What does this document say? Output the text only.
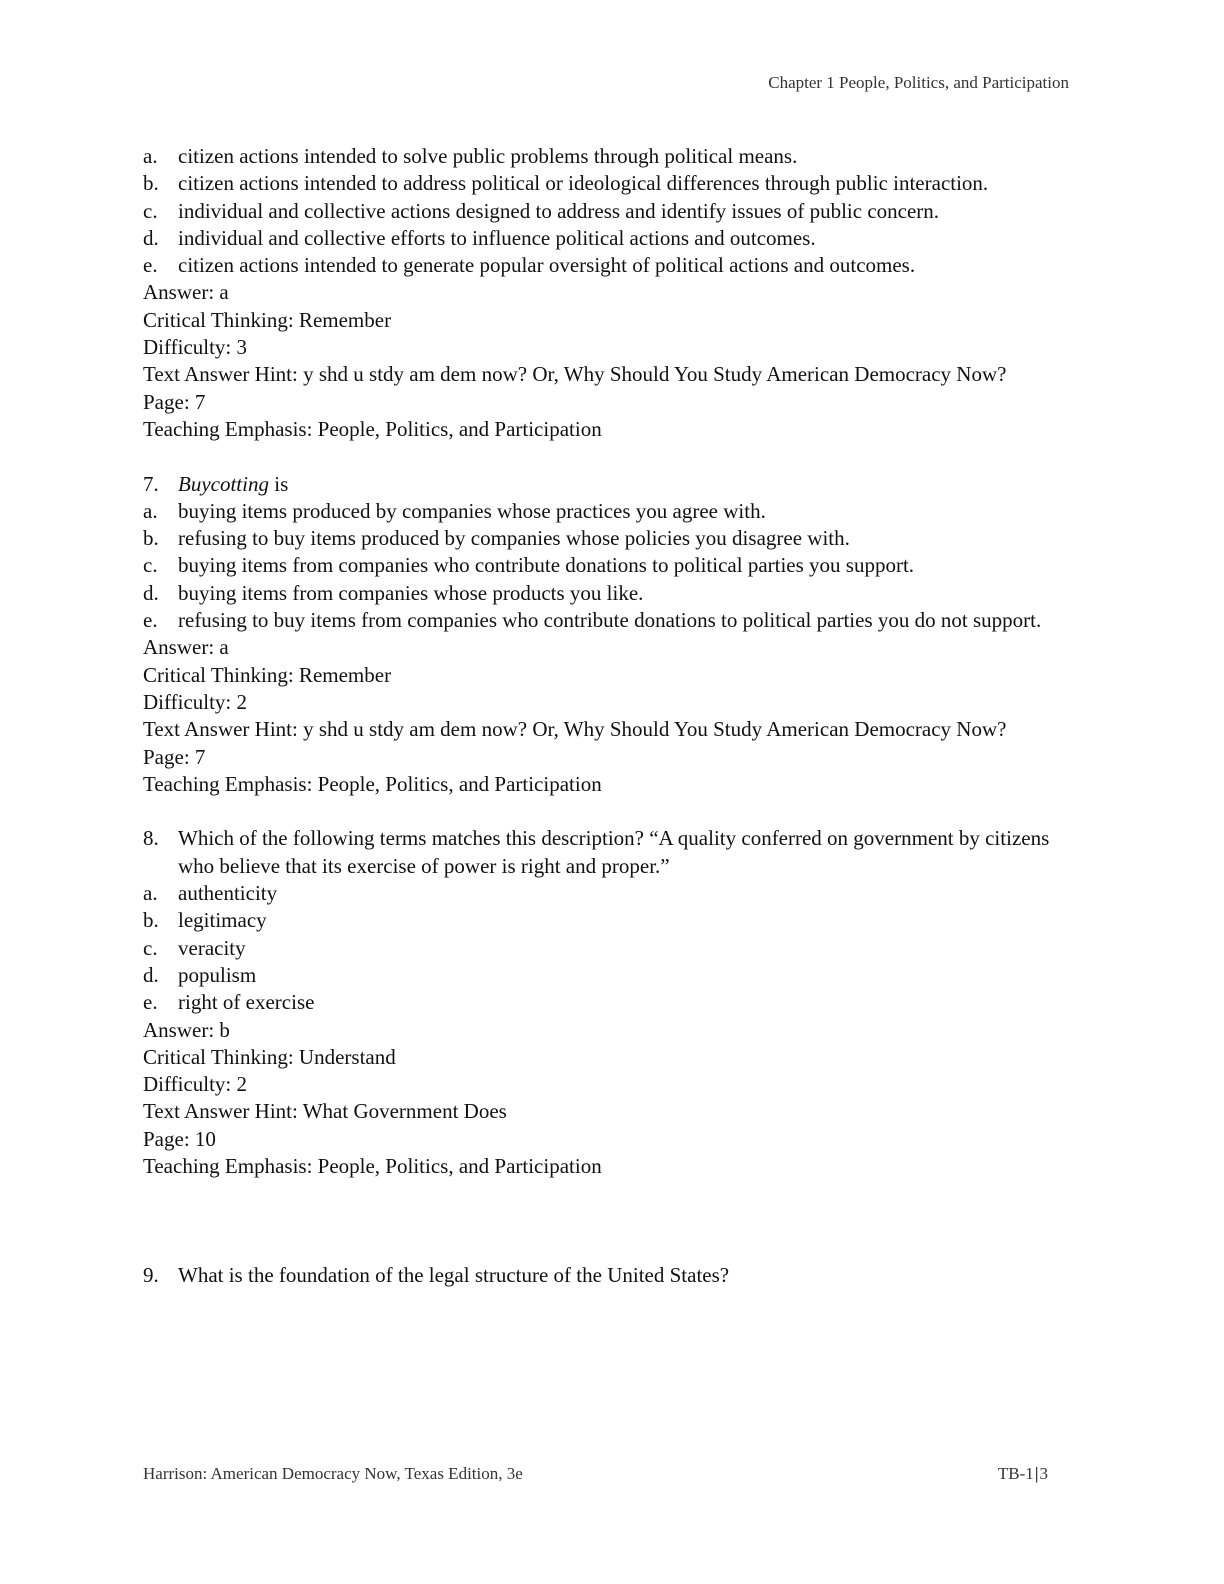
Chapter 1 People, Politics, and Participation
a. citizen actions intended to solve public problems through political means.
b. citizen actions intended to address political or ideological differences through public interaction.
c. individual and collective actions designed to address and identify issues of public concern.
d. individual and collective efforts to influence political actions and outcomes.
e. citizen actions intended to generate popular oversight of political actions and outcomes.
Answer: a
Critical Thinking: Remember
Difficulty: 3
Text Answer Hint: y shd u stdy am dem now? Or, Why Should You Study American Democracy Now?
Page: 7
Teaching Emphasis: People, Politics, and Participation
7. Buycotting is
a. buying items produced by companies whose practices you agree with.
b. refusing to buy items produced by companies whose policies you disagree with.
c. buying items from companies who contribute donations to political parties you support.
d. buying items from companies whose products you like.
e. refusing to buy items from companies who contribute donations to political parties you do not support.
Answer: a
Critical Thinking: Remember
Difficulty: 2
Text Answer Hint: y shd u stdy am dem now? Or, Why Should You Study American Democracy Now?
Page: 7
Teaching Emphasis: People, Politics, and Participation
8. Which of the following terms matches this description? “A quality conferred on government by citizens who believe that its exercise of power is right and proper.”
a. authenticity
b. legitimacy
c. veracity
d. populism
e. right of exercise
Answer: b
Critical Thinking: Understand
Difficulty: 2
Text Answer Hint: What Government Does
Page: 10
Teaching Emphasis: People, Politics, and Participation
9. What is the foundation of the legal structure of the United States?
Harrison: American Democracy Now, Texas Edition, 3e	TB-1|3
